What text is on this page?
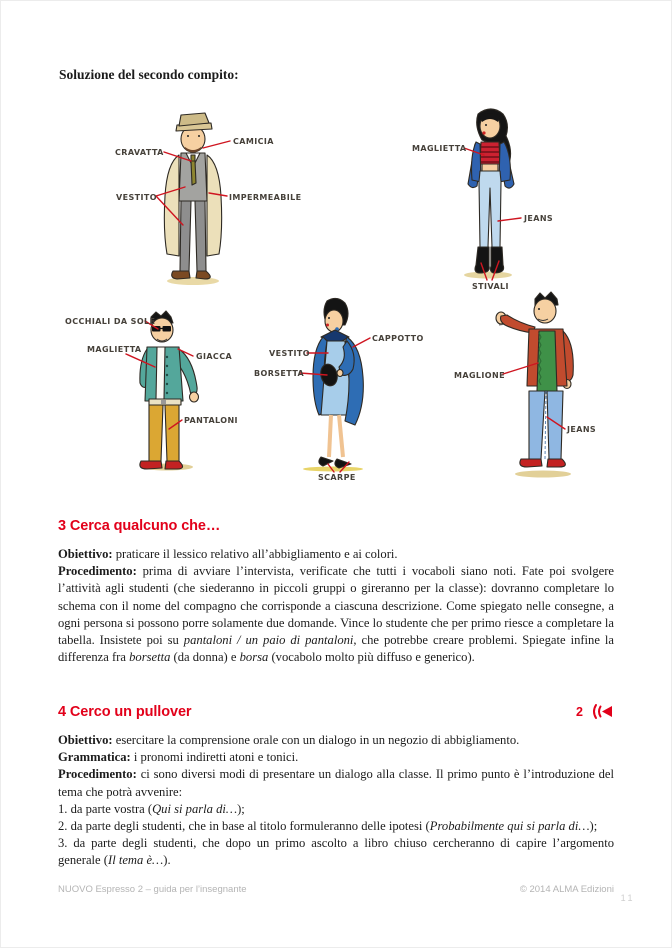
Soluzione del secondo compito:
CAMICIA
CRAVATTA
VESTITO	IMPERMEABILE
MAGLIETTA
JEANS
STIVALI
OCCHIALI DA SOLE
MAGLIETTA
GIACCA
PANTALONI
CAPPOTTO
VESTITO
BORSETTA
SCARPE
MAGLIONE
JEANS
3 Cerca qualcuno che…

Obiettivo: praticare il lessico relativo all’abbigliamento e ai colori.

Procedimento: prima di avviare l’intervista, verificate che tutti i vocaboli siano noti. Fate poi svolgere l’attività agli studenti (che siederanno in piccoli gruppi o gireranno per la classe): dovranno completare lo schema con il nome del compagno che corrisponde a ciascuna descrizione. Come spiegato nelle consegne, a ogni persona si possono porre solamente due domande. Vince lo studente che per primo riesce a completare la tabella. Insistete poi su pantaloni / un paio di pantaloni, che potrebbe creare problemi. Spiegate infine la differenza fra borsetta (da donna) e borsa (vocabolo molto più diffuso e generico).

4 Cerco un pullover	2

Obiettivo: esercitare la comprensione orale con un dialogo in un negozio di abbigliamento.

Grammatica: i pronomi indiretti atoni e tonici.

Procedimento: ci sono diversi modi di presentare un dialogo alla classe. Il primo punto è l’introduzione del tema che potrà avvenire:

1. da parte vostra (Qui si parla di…);

2. da parte degli studenti, che in base al titolo formuleranno delle ipotesi (Probabilmente qui si parla di…);

3. da parte degli studenti, che dopo un primo ascolto a libro chiuso cercheranno di capire l’argomento generale (Il tema è…).

NUOVO Espresso 2 – guida per l’insegnante	© 2014 ALMA Edizioni
11
